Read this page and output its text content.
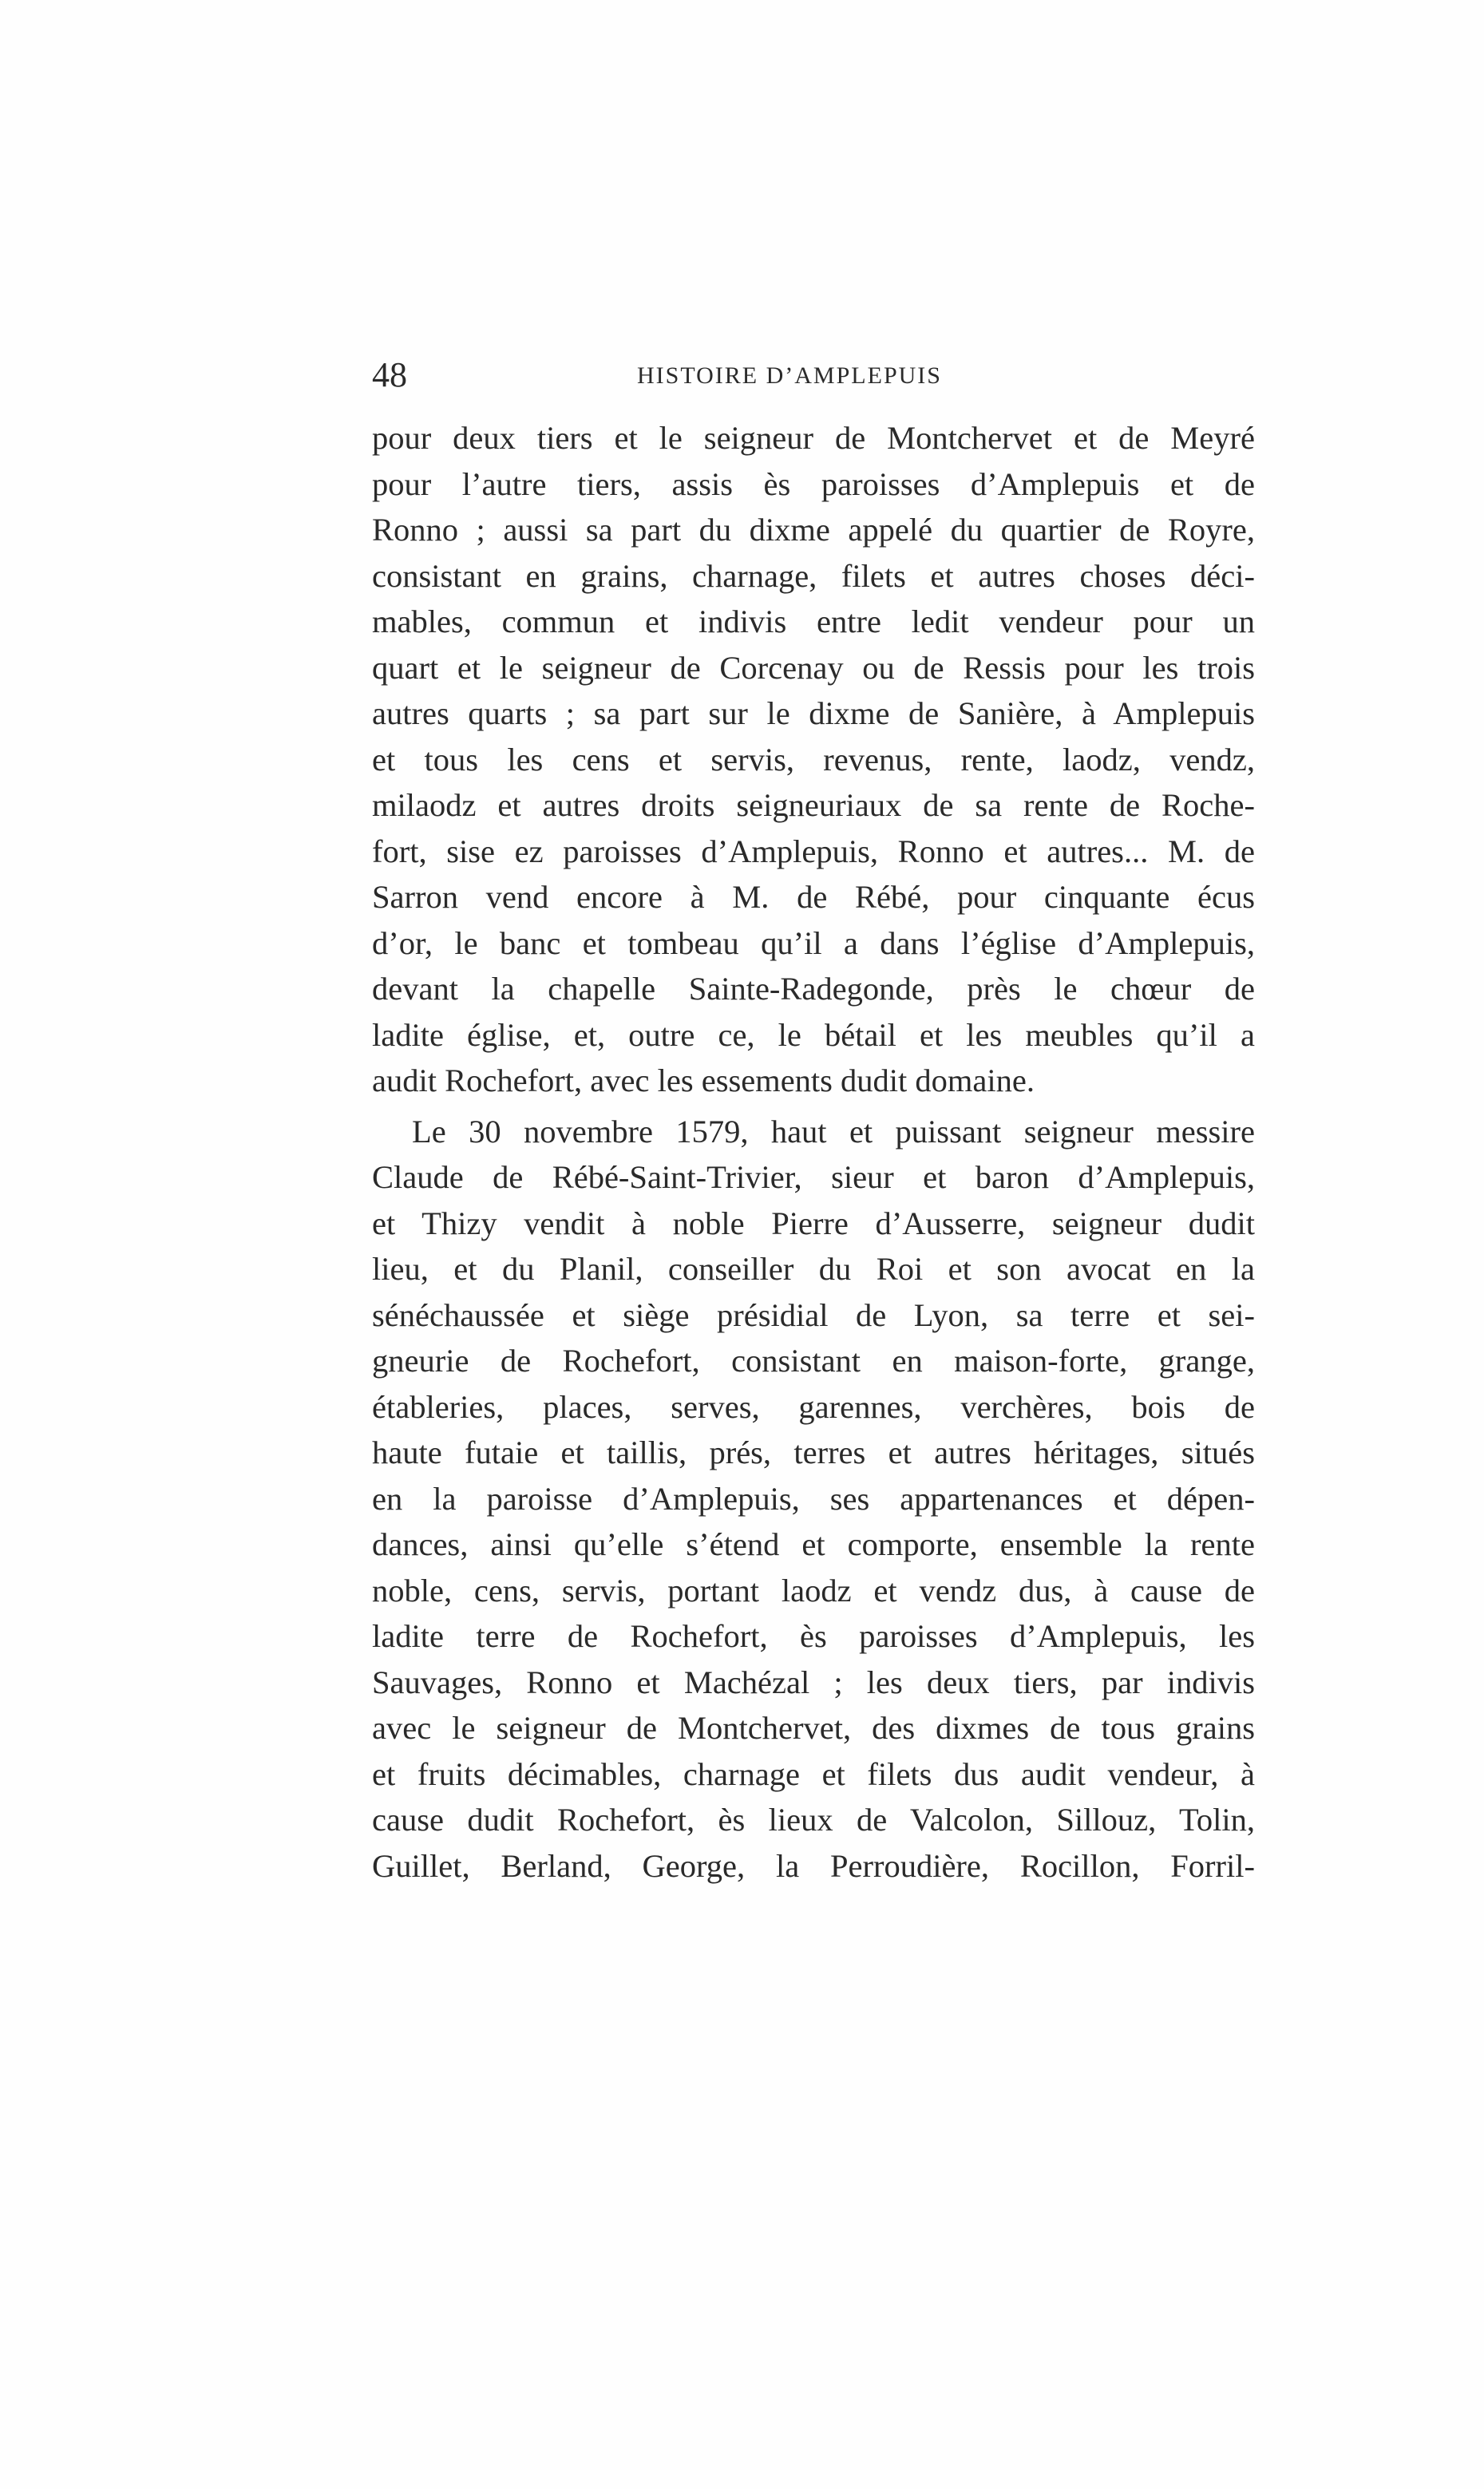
48	HISTOIRE D’AMPLEPUIS
pour deux tiers et le seigneur de Montchervet et de Meyré
pour l’autre tiers, assis ès paroisses d’Amplepuis et de
Ronno ; aussi sa part du dixme appelé du quartier de Royre,
consistant en grains, charnage, filets et autres choses déci-
mables, commun et indivis entre ledit vendeur pour un
quart et le seigneur de Corcenay ou de Ressis pour les trois
autres quarts ; sa part sur le dixme de Sanière, à Amplepuis
et tous les cens et servis, revenus, rente, laodz, vendz,
milaodz et autres droits seigneuriaux de sa rente de Roche-
fort, sise ez paroisses d’Amplepuis, Ronno et autres... M. de
Sarron vend encore à M. de Rébé, pour cinquante écus
d’or, le banc et tombeau qu’il a dans l’église d’Amplepuis,
devant la chapelle Sainte-Radegonde, près le chœur de
ladite église, et, outre ce, le bétail et les meubles qu’il a
audit Rochefort, avec les essements dudit domaine.
Le 30 novembre 1579, haut et puissant seigneur messire
Claude de Rébé-Saint-Trivier, sieur et baron d’Amplepuis,
et Thizy vendit à noble Pierre d’Ausserre, seigneur dudit
lieu, et du Planil, conseiller du Roi et son avocat en la
sénéchaussée et siège présidial de Lyon, sa terre et sei-
gneurie de Rochefort, consistant en maison-forte, grange,
étableries, places, serves, garennes, verchères, bois de
haute futaie et taillis, prés, terres et autres héritages, situés
en la paroisse d’Amplepuis, ses appartenances et dépen-
dances, ainsi qu’elle s’étend et comporte, ensemble la rente
noble, cens, servis, portant laodz et vendz dus, à cause de
ladite terre de Rochefort, ès paroisses d’Amplepuis, les
Sauvages, Ronno et Machézal ; les deux tiers, par indivis
avec le seigneur de Montchervet, des dixmes de tous grains
et fruits décimables, charnage et filets dus audit vendeur, à
cause dudit Rochefort, ès lieux de Valcolon, Sillouz, Tolin,
Guillet, Berland, George, la Perroudière, Rocillon, Forril-
